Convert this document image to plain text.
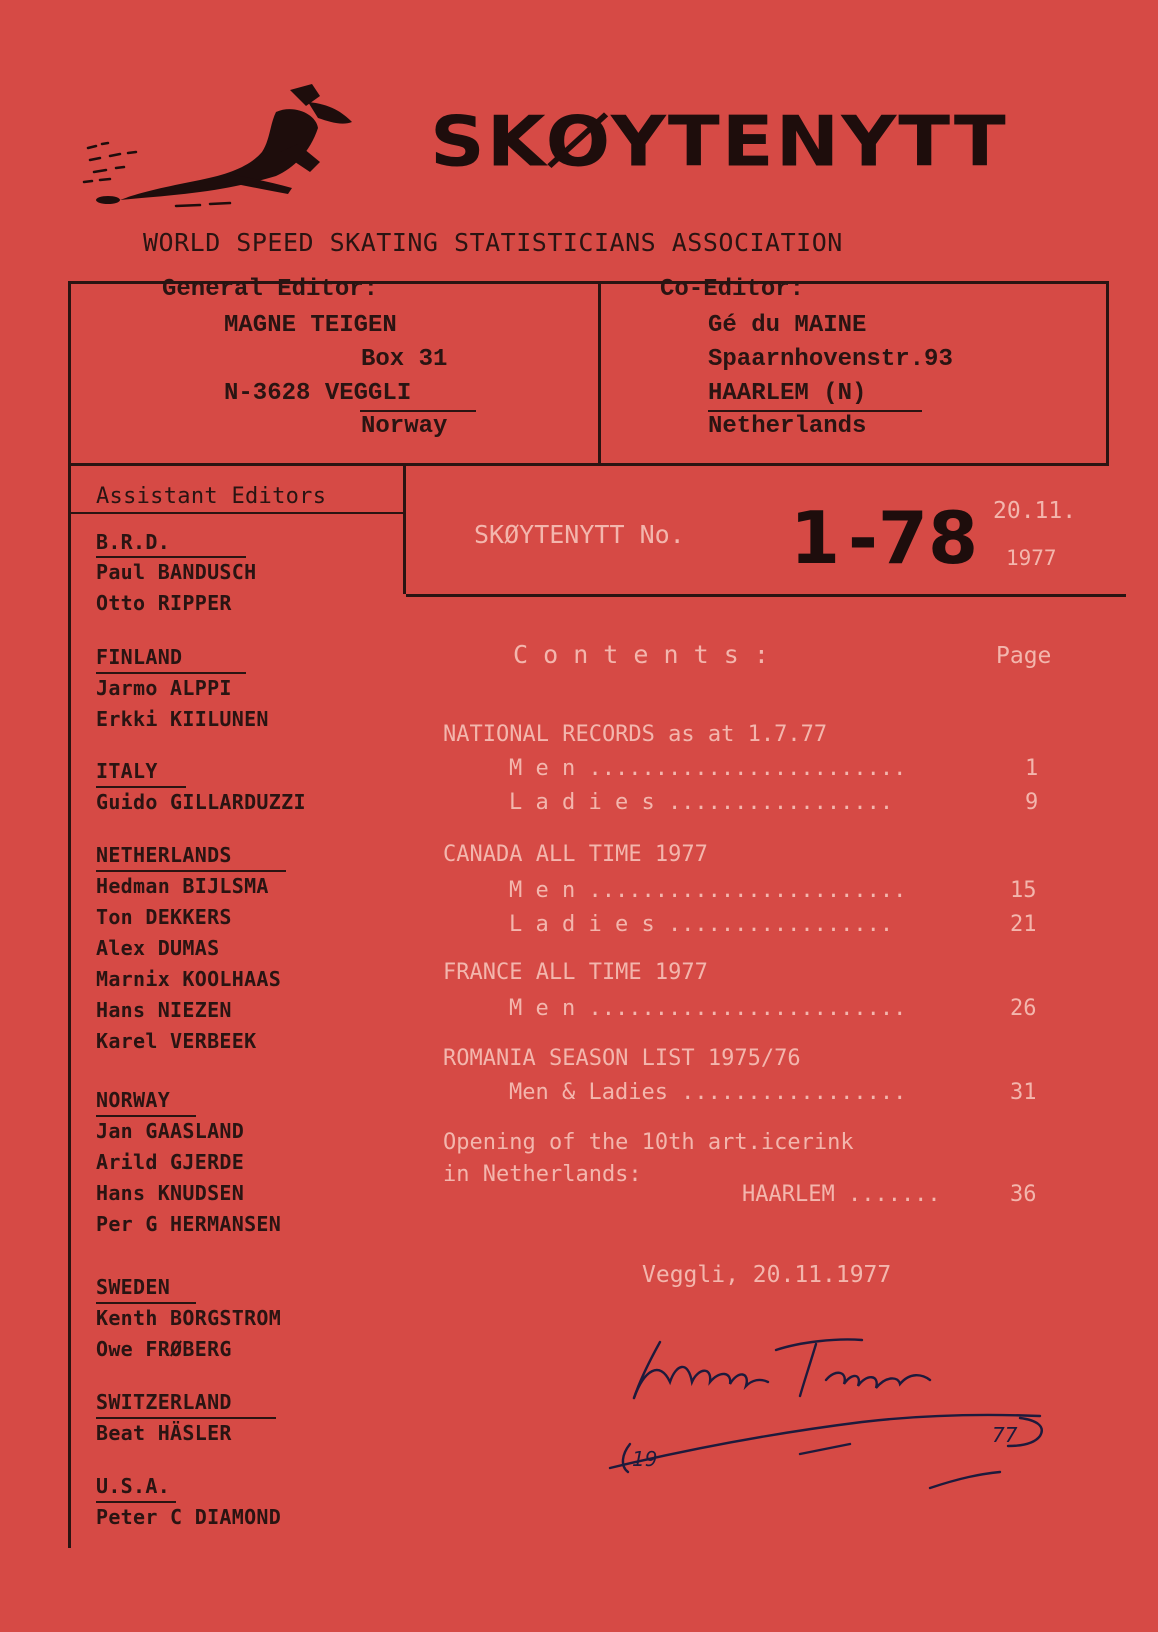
SKØYTENYTT
WORLD SPEED SKATING STATISTICIANS ASSOCIATION
General Editor:
MAGNE TEIGEN
Box 31
N-3628 VEGGLI
Norway
Co-Editor:
Gé du MAINE
Spaarnhovenstr.93
HAARLEM (N)
Netherlands
Assistant Editors
B.R.D.
Paul BANDUSCH
Otto RIPPER
FINLAND
Jarmo ALPPI
Erkki KIILUNEN
ITALY
Guido GILLARDUZZI
NETHERLANDS
Hedman BIJLSMA
Ton DEKKERS
Alex DUMAS
Marnix KOOLHAAS
Hans NIEZEN
Karel VERBEEK
NORWAY
Jan GAASLAND
Arild GJERDE
Hans KNUDSEN
Per G HERMANSEN
SWEDEN
Kenth BORGSTROM
Owe FRØBERG
SWITZERLAND
Beat HÄSLER
U.S.A.
Peter C DIAMOND
SKØYTENYTT No. 1 -78 20.11.
1977
C o n t e n t s :	Page
NATIONAL RECORDS as at 1.7.77
M e n ........................	1
L a d i e s .................	9
CANADA ALL TIME 1977
M e n ........................	15
L a d i e s .................	21
FRANCE ALL TIME 1977
M e n ........................	26
ROMANIA SEASON LIST 1975/76
Men & Ladies .................	31
Opening of the 10th art.icerink
in Netherlands:
HAARLEM .......	36
Veggli, 20.11.1977
19
77
